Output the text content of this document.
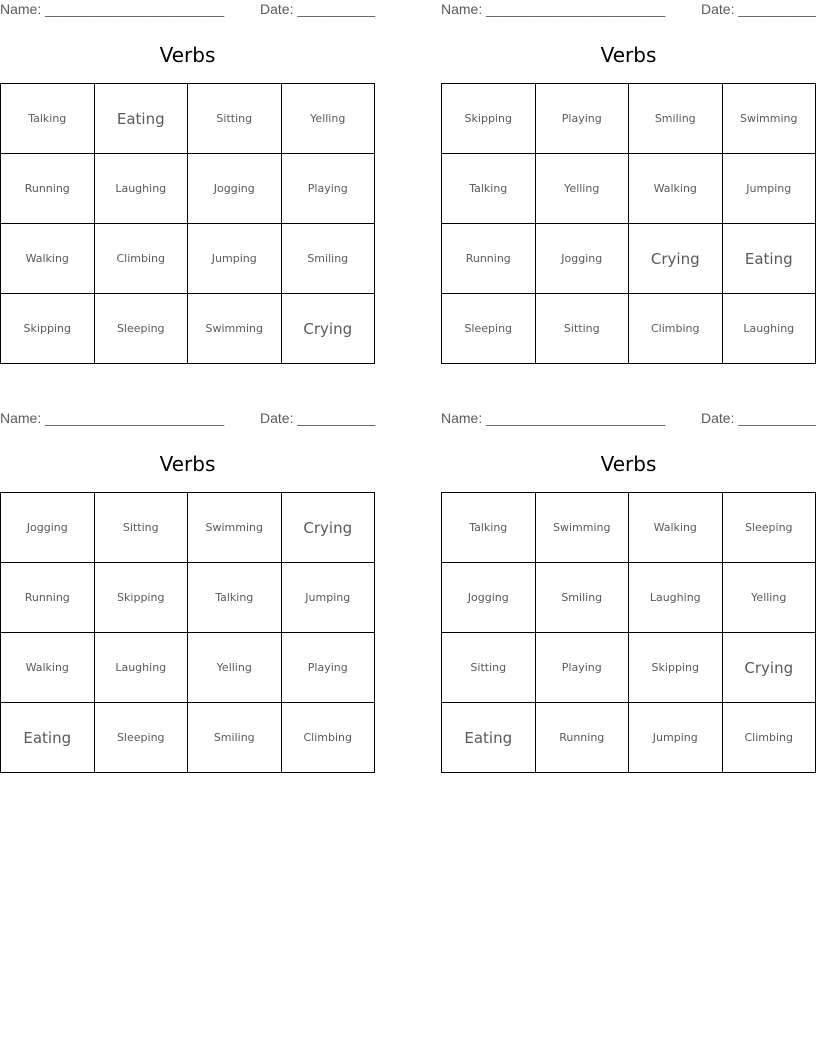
Name: _______________________	Date: __________
Verbs
Talking	Eating	Sitting	Yelling
Running	Laughing	Jogging	Playing
Walking	Climbing	Jumping	Smiling
Skipping	Sleeping	Swimming	Crying
Name: _______________________	Date: __________
Verbs
Skipping	Playing	Smiling	Swimming
Talking	Yelling	Walking	Jumping
Running	Jogging	Crying	Eating
Sleeping	Sitting	Climbing	Laughing
Name: _______________________	Date: __________
Verbs
Jogging	Sitting	Swimming	Crying
Running	Skipping	Talking	Jumping
Walking	Laughing	Yelling	Playing
Eating	Sleeping	Smiling	Climbing
Name: _______________________	Date: __________
Verbs
Talking	Swimming	Walking	Sleeping
Jogging	Smiling	Laughing	Yelling
Sitting	Playing	Skipping	Crying
Eating	Running	Jumping	Climbing
